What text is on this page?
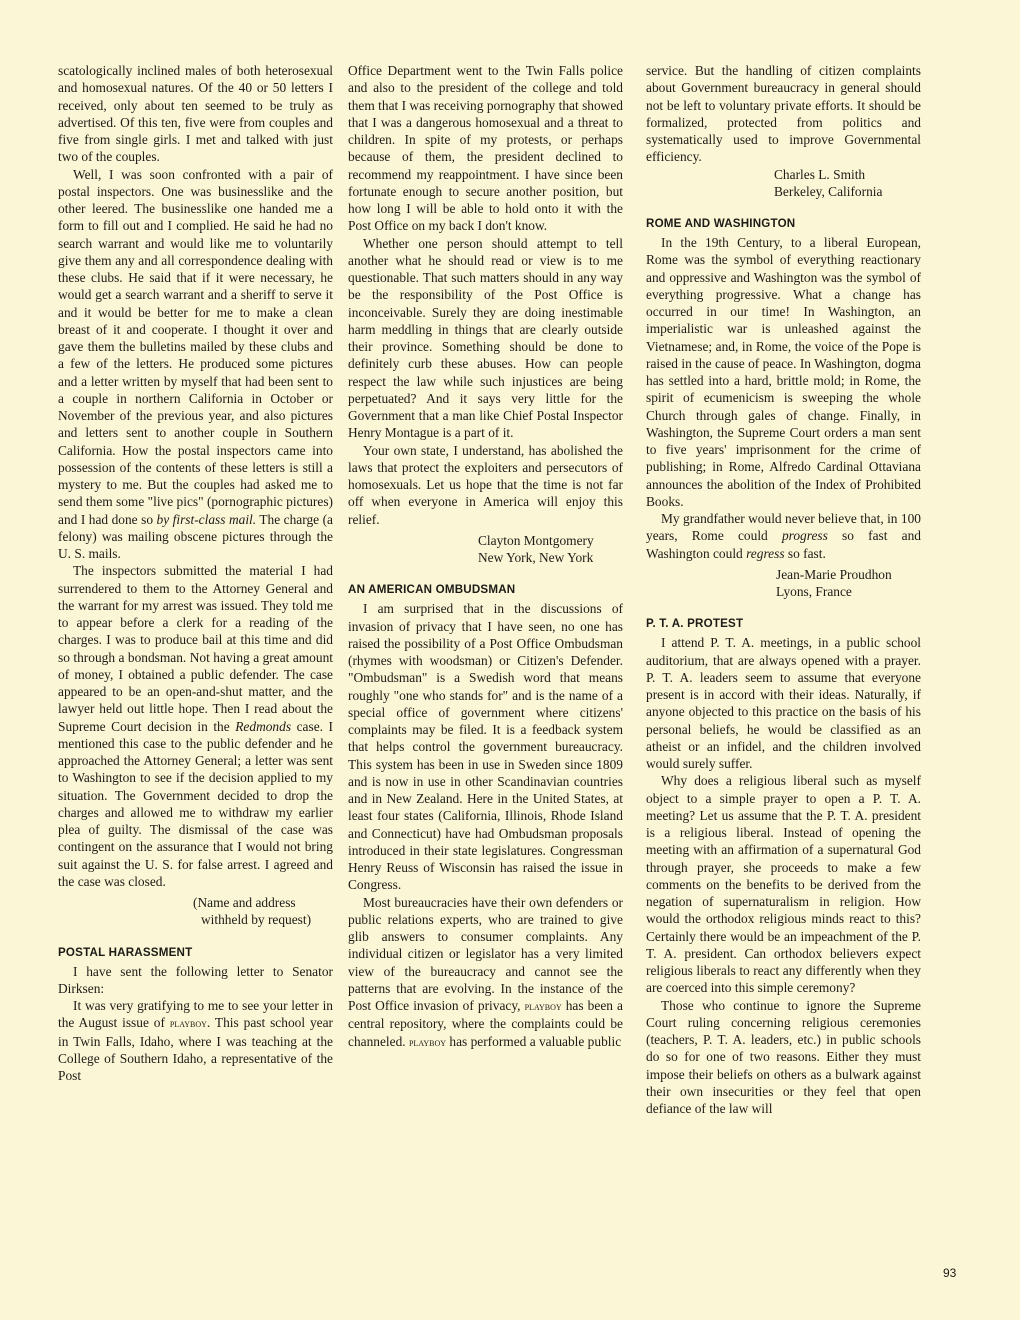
scatologically inclined males of both heterosexual and homosexual natures. Of the 40 or 50 letters I received, only about ten seemed to be truly as advertised. Of this ten, five were from couples and five from single girls. I met and talked with just two of the couples.

Well, I was soon confronted with a pair of postal inspectors. One was businesslike and the other leered. The businesslike one handed me a form to fill out and I complied. He said he had no search warrant and would like me to voluntarily give them any and all correspondence dealing with these clubs. He said that if it were necessary, he would get a search warrant and a sheriff to serve it and it would be better for me to make a clean breast of it and cooperate. I thought it over and gave them the bulletins mailed by these clubs and a few of the letters. He produced some pictures and a letter written by myself that had been sent to a couple in northern California in October or November of the previous year, and also pictures and letters sent to another couple in Southern California. How the postal inspectors came into possession of the contents of these letters is still a mystery to me. But the couples had asked me to send them some "live pics" (pornographic pictures) and I had done so by first-class mail. The charge (a felony) was mailing obscene pictures through the U. S. mails.

The inspectors submitted the material I had surrendered to them to the Attorney General and the warrant for my arrest was issued. They told me to appear before a clerk for a reading of the charges. I was to produce bail at this time and did so through a bondsman. Not having a great amount of money, I obtained a public defender. The case appeared to be an open-and-shut matter, and the lawyer held out little hope. Then I read about the Supreme Court decision in the Redmonds case. I mentioned this case to the public defender and he approached the Attorney General; a letter was sent to Washington to see if the decision applied to my situation. The Government decided to drop the charges and allowed me to withdraw my earlier plea of guilty. The dismissal of the case was contingent on the assurance that I would not bring suit against the U. S. for false arrest. I agreed and the case was closed.

(Name and address
withheld by request)
POSTAL HARASSMENT

I have sent the following letter to Senator Dirksen:

It was very gratifying to me to see your letter in the August issue of playboy. This past school year in Twin Falls, Idaho, where I was teaching at the College of Southern Idaho, a representative of the Post

Office Department went to the Twin Falls police and also to the president of the college and told them that I was receiving pornography that showed that I was a dangerous homosexual and a threat to children. In spite of my protests, or perhaps because of them, the president declined to recommend my reappointment. I have since been fortunate enough to secure another position, but how long I will be able to hold onto it with the Post Office on my back I don't know.

Whether one person should attempt to tell another what he should read or view is to me questionable. That such matters should in any way be the responsibility of the Post Office is inconceivable. Surely they are doing inestimable harm meddling in things that are clearly outside their province. Something should be done to definitely curb these abuses. How can people respect the law while such injustices are being perpetuated? And it says very little for the Government that a man like Chief Postal Inspector Henry Montague is a part of it.

Your own state, I understand, has abolished the laws that protect the exploiters and persecutors of homosexuals. Let us hope that the time is not far off when everyone in America will enjoy this relief.

Clayton Montgomery
New York, New York
AN AMERICAN OMBUDSMAN

I am surprised that in the discussions of invasion of privacy that I have seen, no one has raised the possibility of a Post Office Ombudsman (rhymes with woodsman) or Citizen's Defender. "Ombudsman" is a Swedish word that means roughly "one who stands for" and is the name of a special office of government where citizens' complaints may be filed. It is a feedback system that helps control the government bureaucracy. This system has been in use in Sweden since 1809 and is now in use in other Scandinavian countries and in New Zealand. Here in the United States, at least four states (California, Illinois, Rhode Island and Connecticut) have had Ombudsman proposals introduced in their state legislatures. Congressman Henry Reuss of Wisconsin has raised the issue in Congress.

Most bureaucracies have their own defenders or public relations experts, who are trained to give glib answers to consumer complaints. Any individual citizen or legislator has a very limited view of the bureaucracy and cannot see the patterns that are evolving. In the instance of the Post Office invasion of privacy, playboy has been a central repository, where the complaints could be channeled. playboy has performed a valuable public

service. But the handling of citizen complaints about Government bureaucracy in general should not be left to voluntary private efforts. It should be formalized, protected from politics and systematically used to improve Governmental efficiency.

Charles L. Smith
Berkeley, California
ROME AND WASHINGTON

In the 19th Century, to a liberal European, Rome was the symbol of everything reactionary and oppressive and Washington was the symbol of everything progressive. What a change has occurred in our time! In Washington, an imperialistic war is unleashed against the Vietnamese; and, in Rome, the voice of the Pope is raised in the cause of peace. In Washington, dogma has settled into a hard, brittle mold; in Rome, the spirit of ecumenicism is sweeping the whole Church through gales of change. Finally, in Washington, the Supreme Court orders a man sent to five years' imprisonment for the crime of publishing; in Rome, Alfredo Cardinal Ottaviana announces the abolition of the Index of Prohibited Books.

My grandfather would never believe that, in 100 years, Rome could progress so fast and Washington could regress so fast.

Jean-Marie Proudhon
Lyons, France
P. T. A. PROTEST

I attend P. T. A. meetings, in a public school auditorium, that are always opened with a prayer. P. T. A. leaders seem to assume that everyone present is in accord with their ideas. Naturally, if anyone objected to this practice on the basis of his personal beliefs, he would be classified as an atheist or an infidel, and the children involved would surely suffer.

Why does a religious liberal such as myself object to a simple prayer to open a P. T. A. meeting? Let us assume that the P. T. A. president is a religious liberal. Instead of opening the meeting with an affirmation of a supernatural God through prayer, she proceeds to make a few comments on the benefits to be derived from the negation of supernaturalism in religion. How would the orthodox religious minds react to this? Certainly there would be an impeachment of the P. T. A. president. Can orthodox believers expect religious liberals to react any differently when they are coerced into this simple ceremony?

Those who continue to ignore the Supreme Court ruling concerning religious ceremonies (teachers, P. T. A. leaders, etc.) in public schools do so for one of two reasons. Either they must impose their beliefs on others as a bulwark against their own insecurities or they feel that open defiance of the law will

93
